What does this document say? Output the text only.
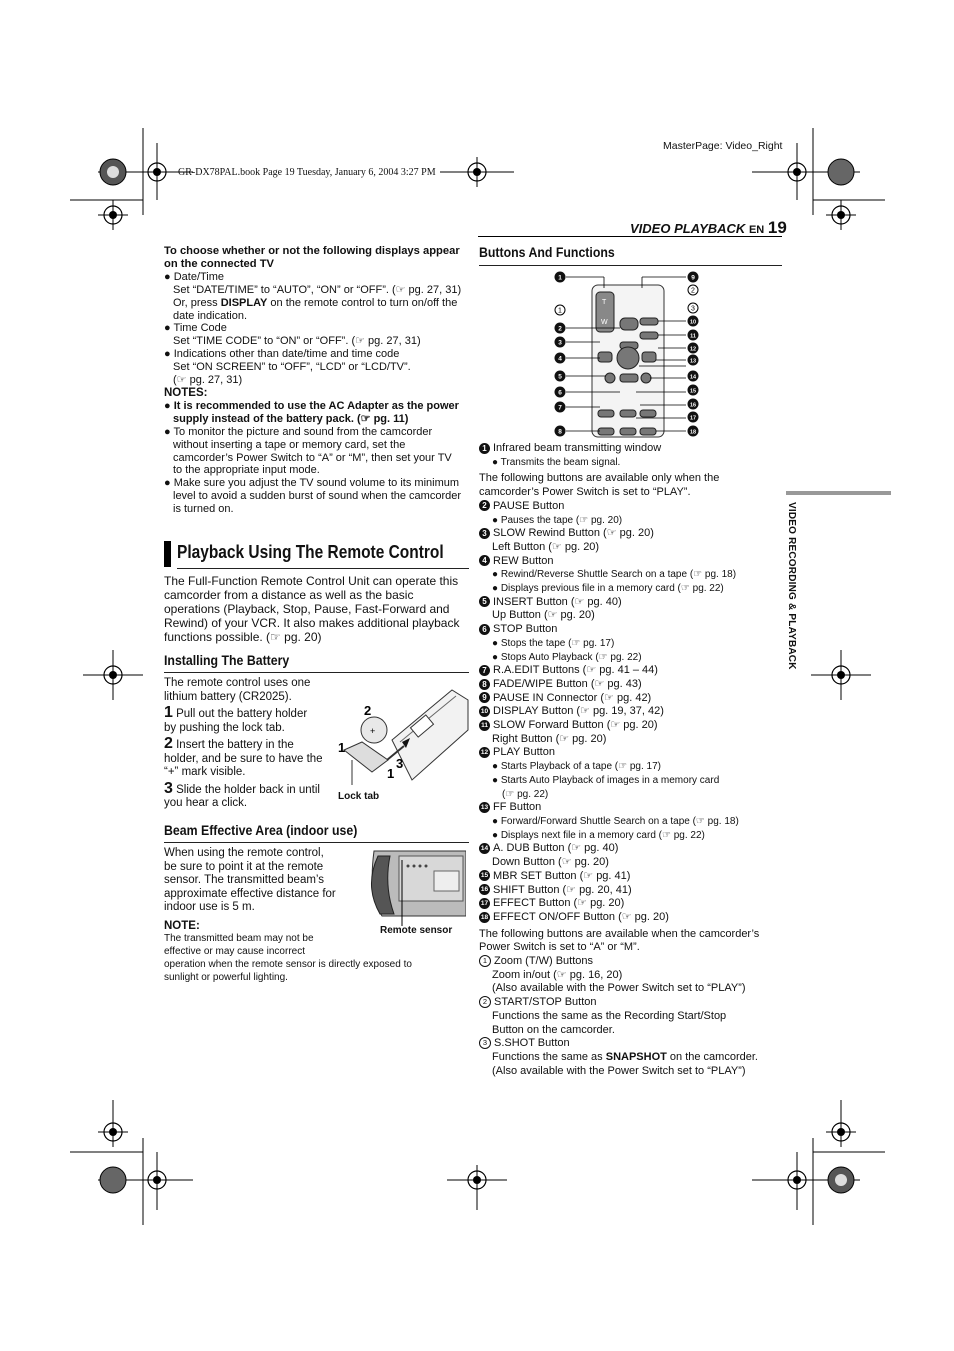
GR-DX78PAL.book Page 19 Tuesday, January 6, 2004 3:27 PM
MasterPage: Video_Right
VIDEO PLAYBACK EN 19
VIDEO RECORDING & PLAYBACK

To choose whether or not the following displays appear on the connected TV

● Date/Time

Set “DATE/TIME” to “AUTO”, “ON” or “OFF”. (☞ pg. 27, 31)

Or, press DISPLAY on the remote control to turn on/off the

date indication.

● Time Code

Set “TIME CODE” to “ON” or “OFF”. (☞ pg. 27, 31)

● Indications other than date/time and time code

Set “ON SCREEN” to “OFF”, “LCD” or “LCD/TV”.

(☞ pg. 27, 31)

NOTES:

● It is recommended to use the AC Adapter as the power

supply instead of the battery pack. (☞ pg. 11)

● To monitor the picture and sound from the camcorder

without inserting a tape or memory card, set the

camcorder’s Power Switch to “A” or “M”, then set your TV

to the appropriate input mode.

● Make sure you adjust the TV sound volume to its minimum

level to avoid a sudden burst of sound when the camcorder

is turned on.

Playback Using The Remote Control

The Full-Function Remote Control Unit can operate this

camcorder from a distance as well as the basic

operations (Playback, Stop, Pause, Fast-Forward and

Rewind) of your VCR. It also makes additional playback

functions possible. (☞ pg. 20)

Installing The Battery

The remote control uses one

lithium battery (CR2025).

1 Pull out the battery holder

by pushing the lock tab.

2 Insert the battery in the

holder, and be sure to have the

“+” mark visible.

3 Slide the holder back in until

you hear a click.

+
2
1
3
1
Lock tab
Beam Effective Area (indoor use)

When using the remote control,

be sure to point it at the remote

sensor. The transmitted beam’s

approximate effective distance for

indoor use is 5 m.

Remote sensor

NOTE:

The transmitted beam may not be

effective or may cause incorrect

operation when the remote sensor is directly exposed to

sunlight or powerful lighting.

Buttons And Functions
T
W
1
2
3
4
5
6
7
8
9
10
11
12
13
14
15
16
17
18
1
2
3

1 Infrared beam transmitting window

● Transmits the beam signal.

The following buttons are available only when the

camcorder’s Power Switch is set to “PLAY”.

2 PAUSE Button

● Pauses the tape (☞ pg. 20)

3 SLOW Rewind Button (☞ pg. 20)

Left Button (☞ pg. 20)

4 REW Button

● Rewind/Reverse Shuttle Search on a tape (☞ pg. 18)

● Displays previous file in a memory card (☞ pg. 22)

5 INSERT Button (☞ pg. 40)

Up Button (☞ pg. 20)

6 STOP Button

● Stops the tape (☞ pg. 17)

● Stops Auto Playback (☞ pg. 22)

7 R.A.EDIT Buttons (☞ pg. 41 – 44)

8 FADE/WIPE Button (☞ pg. 43)

9 PAUSE IN Connector (☞ pg. 42)

10 DISPLAY Button (☞ pg. 19, 37, 42)

11 SLOW Forward Button (☞ pg. 20)

Right Button (☞ pg. 20)

12 PLAY Button

● Starts Playback of a tape (☞ pg. 17)

● Starts Auto Playback of images in a memory card

(☞ pg. 22)

13 FF Button

● Forward/Forward Shuttle Search on a tape (☞ pg. 18)

● Displays next file in a memory card (☞ pg. 22)

14 A. DUB Button (☞ pg. 40)

Down Button (☞ pg. 20)

15 MBR SET Button (☞ pg. 41)

16 SHIFT Button (☞ pg. 20, 41)

17 EFFECT Button (☞ pg. 20)

18 EFFECT ON/OFF Button (☞ pg. 20)

The following buttons are available when the camcorder’s

Power Switch is set to “A” or “M”.

1 Zoom (T/W) Buttons

Zoom in/out (☞ pg. 16, 20)

(Also available with the Power Switch set to “PLAY”)

2 START/STOP Button

Functions the same as the Recording Start/Stop

Button on the camcorder.

3 S.SHOT Button

Functions the same as SNAPSHOT on the camcorder.

(Also available with the Power Switch set to “PLAY”)
